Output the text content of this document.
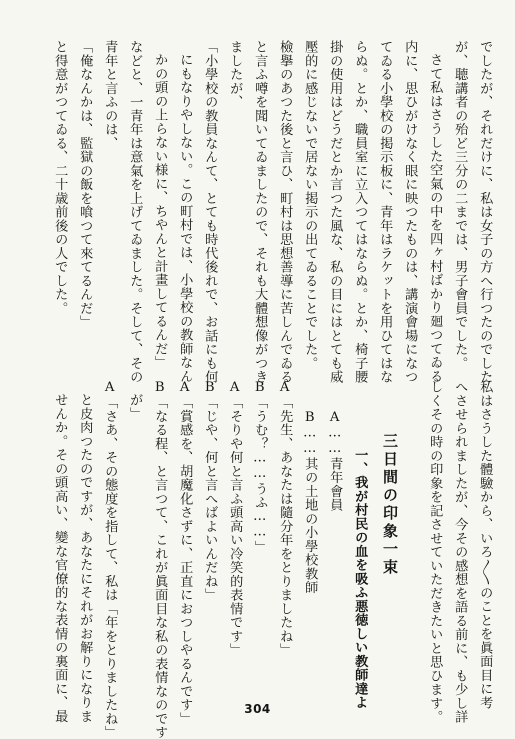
でしたが、それだけに、私は女子の方へ行つたのでした
が、聴講者の殆ど三分の二までは、男子會員でした。
さて私はさうした空氣の中を四ヶ村ばかり廻つてゐる
内に、思ひがけなく眼に映つたものは、講演會場になつ
てゐる小學校の掲示板に、青年はラケットを用ひてはな
らぬ。とか、職員室に立入つてはならぬ。とか、椅子腰
掛の使用はどうだとか言つた風な、私の目にはとても威
壓的に感じないで居ない掲示の出てゐることでした。
檢擧のあつた後と言ひ、町村は思想善導に苦しんでゐる
と言ふ噂を聞いてゐましたので、それも大體想像がつき
ましたが、
「小學校の教員なんて、とても時代後れで、お話にも何
にもなりやしない。この町村では、小學校の教師なん
かの頭の上らない様に、ちやんと計畫してるんだ」
などと、一青年は意氣を上げてゐました。そして、その
青年と言ふのは、
「俺なんかは、監獄の飯を喰つて來てるんだ」
と得意がつてゐる、二十歳前後の人でした。
私はさうした體驗から、いろ〳〵のことを眞面目に考
へさせられましたが、今その感想を語る前に、も少し詳
しくその時の印象を記させていただきたいと思ひます。
三日間の印象一束
一、我が村民の血を吸ふ悪徳しい教師達よ
A……青年會員
B……其の土地の小學校教師
A「先生、あなたは隨分年をとりましたね」
B「うむ？……うふ……」
A「そりや何と言ふ頭高い冷笑的表情です」
B「じや、何と言へばよいんだね」
A「賞感を、胡魔化さずに、正直におつしやるんです」
B「なる程、と言つて、これが眞面目な私の表情なのです
が」
A「さあ、その態度を指して、私は「年をとりましたね」
と皮肉つたのですが、あなたにそれがお解りになりま
せんか。その頭高い、變な官僚的な表情の裏面に、最	304
